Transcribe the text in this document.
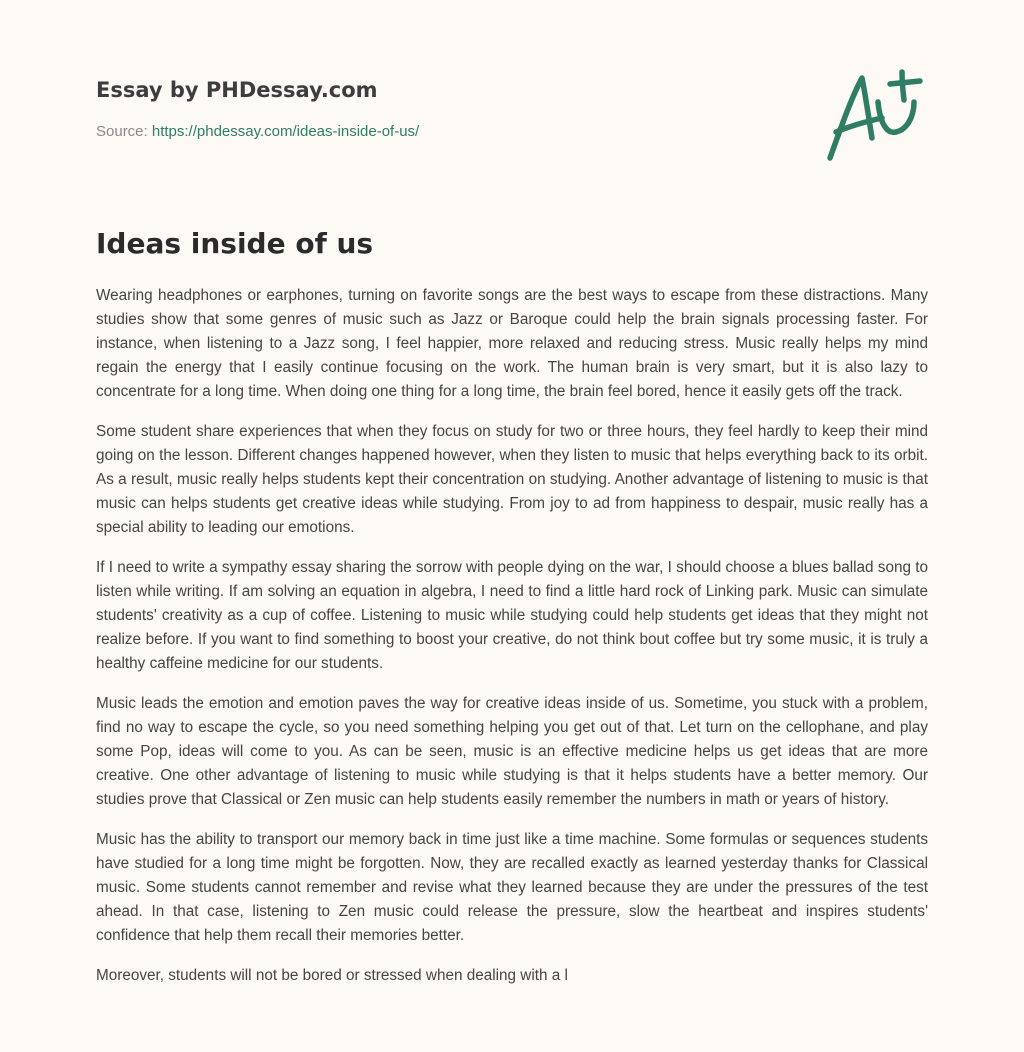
Essay by PHDessay.com
Source: https://phdessay.com/ideas-inside-of-us/
Ideas inside of us

Wearing headphones or earphones, turning on favorite songs are the best ways to escape from these distractions. Many studies show that some genres of music such as Jazz or Baroque could help the brain signals processing faster. For instance, when listening to a Jazz song, I feel happier, more relaxed and reducing stress. Music really helps my mind regain the energy that I easily continue focusing on the work. The human brain is very smart, but it is also lazy to concentrate for a long time. When doing one thing for a long time, the brain feel bored, hence it easily gets off the track.

Some student share experiences that when they focus on study for two or three hours, they feel hardly to keep their mind going on the lesson. Different changes happened however, when they listen to music that helps everything back to its orbit. As a result, music really helps students kept their concentration on studying. Another advantage of listening to music is that music can helps students get creative ideas while studying. From joy to ad from happiness to despair, music really has a special ability to leading our emotions.

If I need to write a sympathy essay sharing the sorrow with people dying on the war, I should choose a blues ballad song to listen while writing. If am solving an equation in algebra, I need to find a little hard rock of Linking park. Music can simulate students' creativity as a cup of coffee. Listening to music while studying could help students get ideas that they might not realize before. If you want to find something to boost your creative, do not think bout coffee but try some music, it is truly a healthy caffeine medicine for our students.

Music leads the emotion and emotion paves the way for creative ideas inside of us. Sometime, you stuck with a problem, find no way to escape the cycle, so you need something helping you get out of that. Let turn on the cellophane, and play some Pop, ideas will come to you. As can be seen, music is an effective medicine helps us get ideas that are more creative. One other advantage of listening to music while studying is that it helps students have a better memory. Our studies prove that Classical or Zen music can help students easily remember the numbers in math or years of history.

Music has the ability to transport our memory back in time just like a time machine. Some formulas or sequences students have studied for a long time might be forgotten. Now, they are recalled exactly as learned yesterday thanks for Classical music. Some students cannot remember and revise what they learned because they are under the pressures of the test ahead. In that case, listening to Zen music could release the pressure, slow the heartbeat and inspires students' confidence that help them recall their memories better.

Moreover, students will not be bored or stressed when dealing with a l
